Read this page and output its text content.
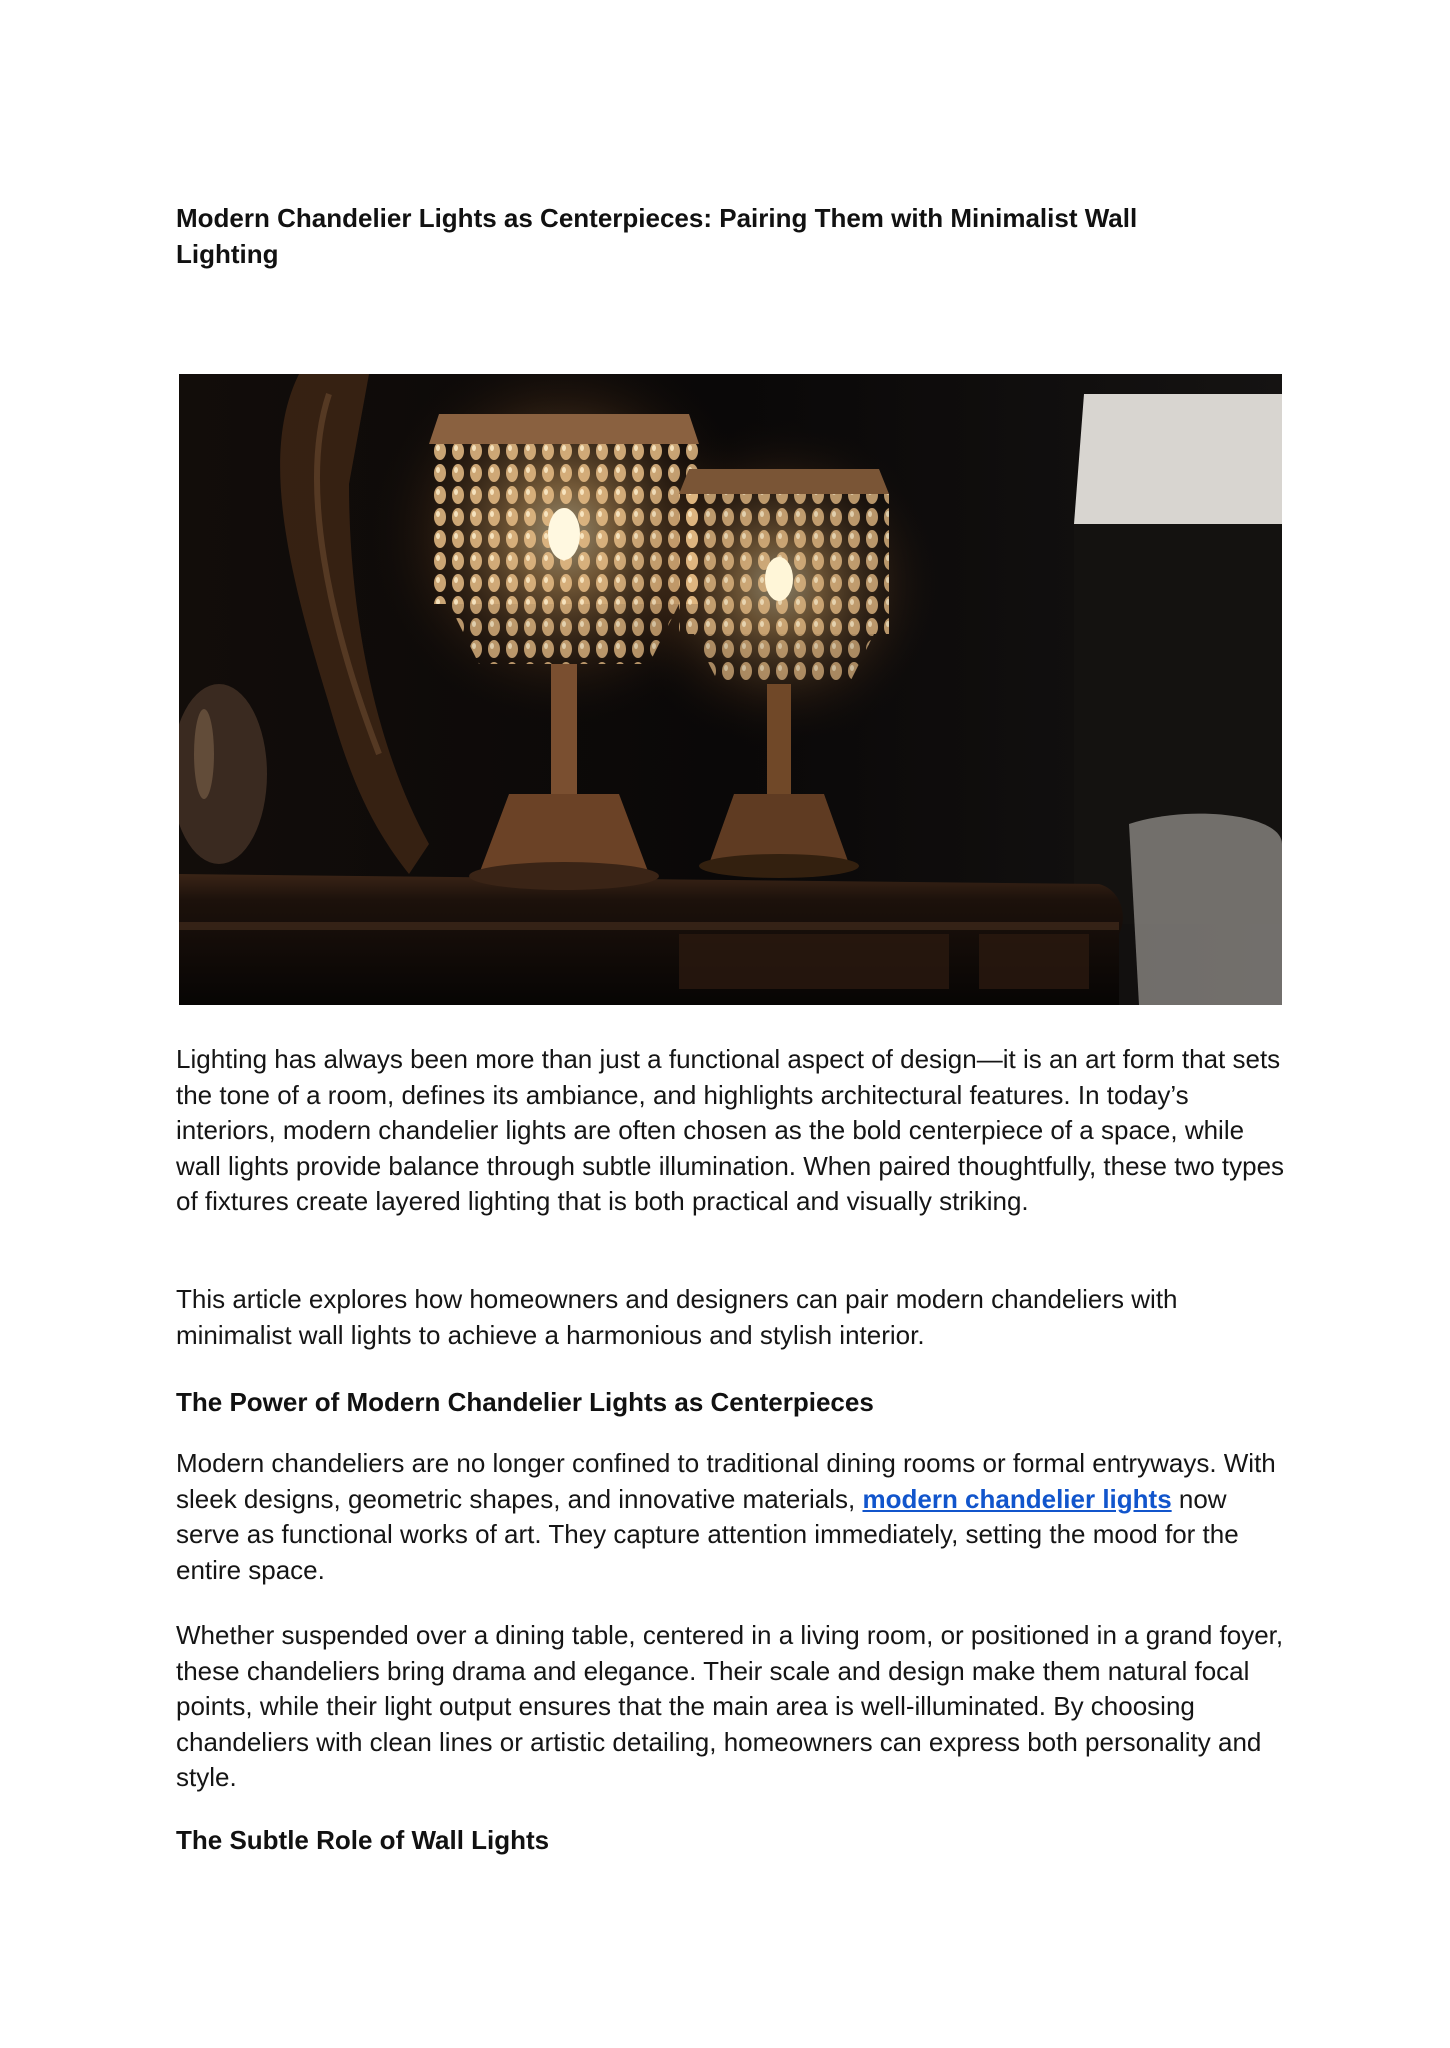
Modern Chandelier Lights as Centerpieces: Pairing Them with Minimalist Wall Lighting

Lighting has always been more than just a functional aspect of design—it is an art form that sets the tone of a room, defines its ambiance, and highlights architectural features. In today’s interiors, modern chandelier lights are often chosen as the bold centerpiece of a space, while wall lights provide balance through subtle illumination. When paired thoughtfully, these two types of fixtures create layered lighting that is both practical and visually striking.

This article explores how homeowners and designers can pair modern chandeliers with minimalist wall lights to achieve a harmonious and stylish interior.

The Power of Modern Chandelier Lights as Centerpieces

Modern chandeliers are no longer confined to traditional dining rooms or formal entryways. With sleek designs, geometric shapes, and innovative materials, modern chandelier lights now serve as functional works of art. They capture attention immediately, setting the mood for the entire space.

Whether suspended over a dining table, centered in a living room, or positioned in a grand foyer, these chandeliers bring drama and elegance. Their scale and design make them natural focal points, while their light output ensures that the main area is well-illuminated. By choosing chandeliers with clean lines or artistic detailing, homeowners can express both personality and style.

The Subtle Role of Wall Lights
